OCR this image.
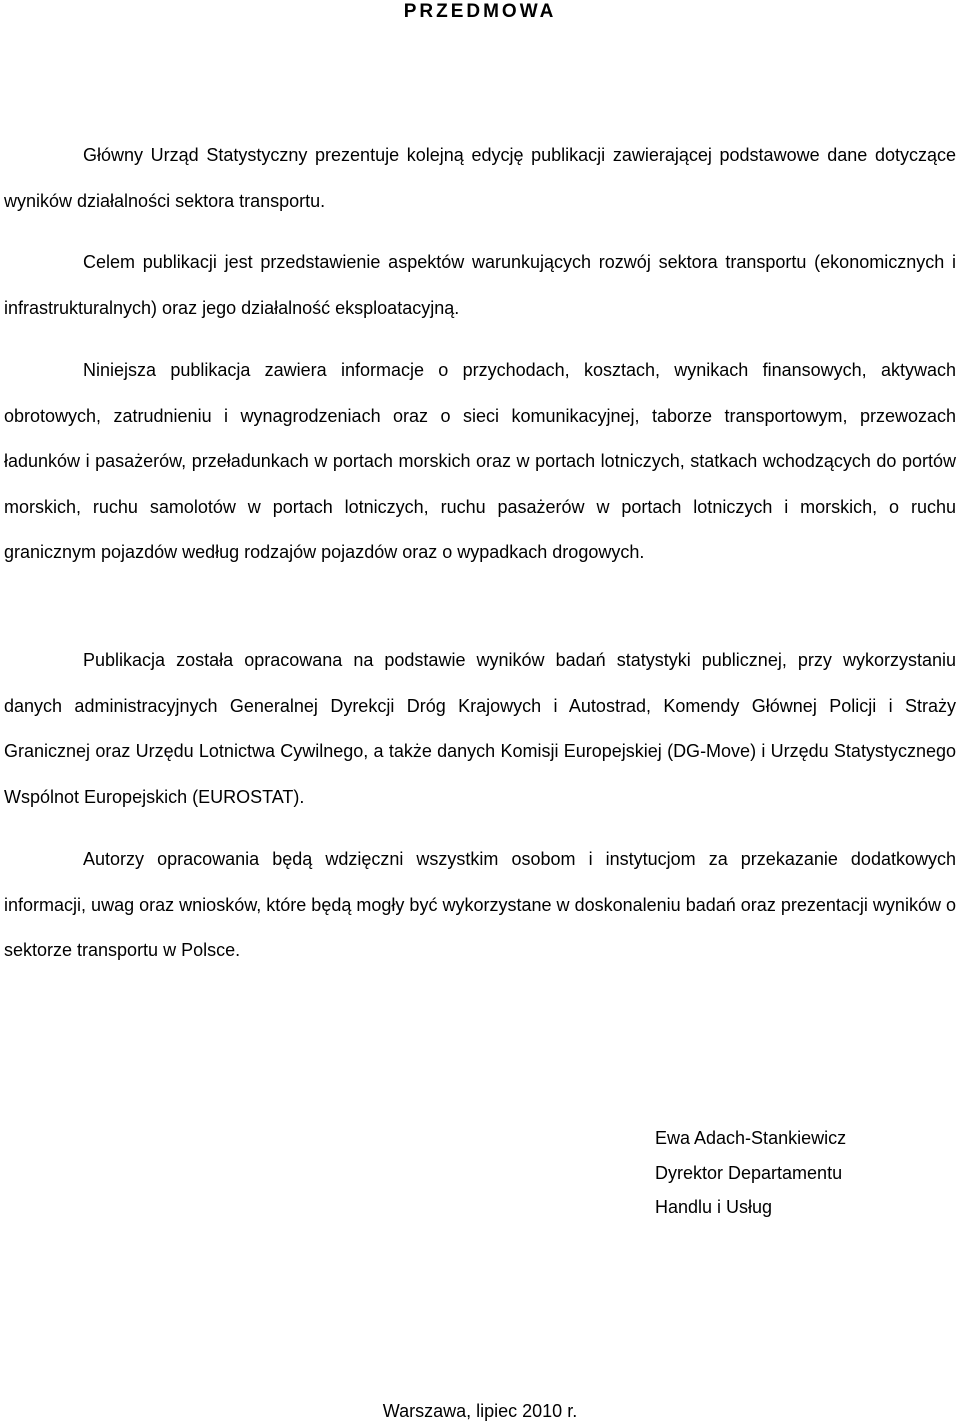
PRZEDMOWA

Główny Urząd Statystyczny prezentuje kolejną edycję publikacji zawierającej podstawowe dane dotyczące wyników działalności sektora transportu.

Celem publikacji jest przedstawienie aspektów warunkujących rozwój sektora transportu (ekonomicznych i infrastrukturalnych) oraz jego działalność eksploatacyjną.

Niniejsza publikacja zawiera informacje o przychodach, kosztach, wynikach finansowych, aktywach obrotowych, zatrudnieniu i wynagrodzeniach oraz o sieci komunikacyjnej, taborze transportowym, przewozach ładunków i pasażerów, przeładunkach w portach morskich oraz w portach lotniczych, statkach wchodzących do portów morskich, ruchu samolotów w portach lotniczych, ruchu pasażerów w portach lotniczych i morskich, o ruchu granicznym pojazdów według rodzajów pojazdów oraz o wypadkach drogowych.

Publikacja została opracowana na podstawie wyników badań statystyki publicznej, przy wykorzystaniu danych administracyjnych Generalnej Dyrekcji Dróg Krajowych i Autostrad, Komendy Głównej Policji i Straży Granicznej oraz Urzędu Lotnictwa Cywilnego, a także danych Komisji Europejskiej (DG-Move) i Urzędu Statystycznego Wspólnot Europejskich (EUROSTAT).

Autorzy opracowania będą wdzięczni wszystkim osobom i instytucjom za przekazanie dodatkowych informacji, uwag oraz wniosków, które będą mogły być wykorzystane w doskonaleniu badań oraz prezentacji wyników o sektorze transportu w Polsce.

Ewa Adach-Stankiewicz
Dyrektor Departamentu
Handlu i Usług
Warszawa, lipiec 2010 r.
